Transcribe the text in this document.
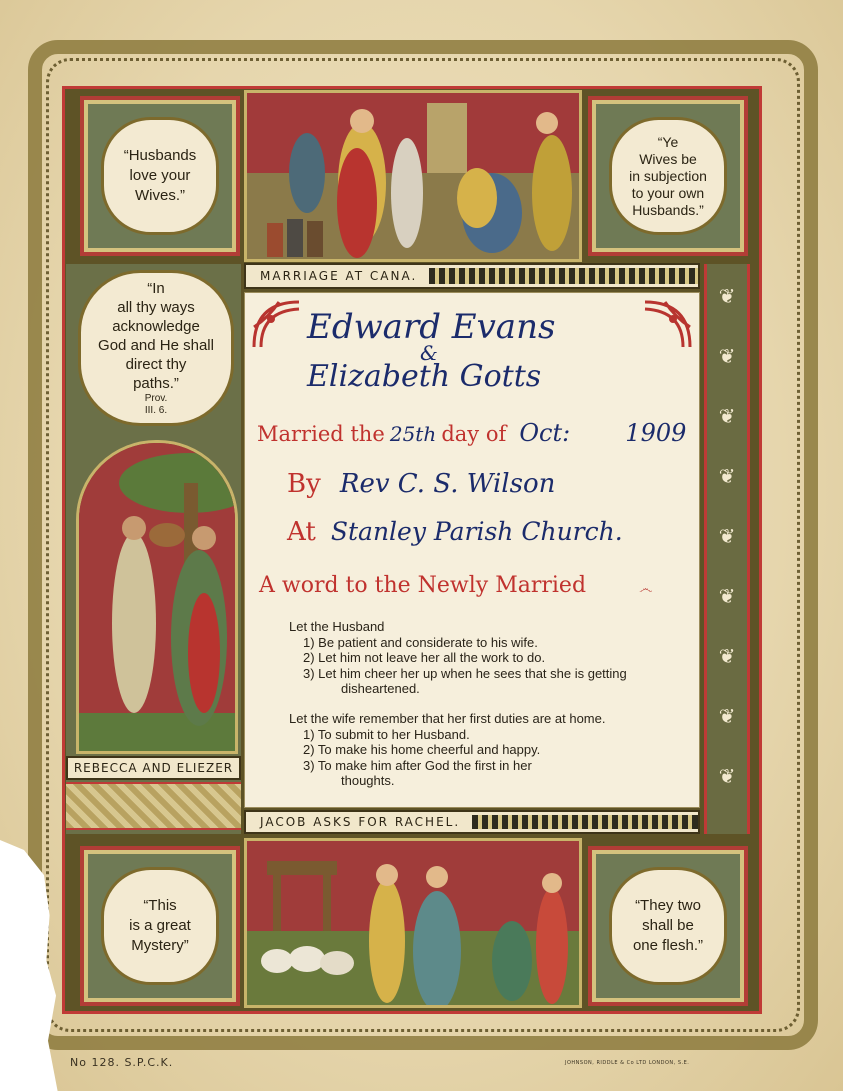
“Husbands
love your
Wives.”
“Ye
Wives be
in subjection
to your own
Husbands.”
MARRIAGE AT CANA.
“In
all thy ways
acknowledge
God and He shall
direct thy
paths.”
Prov.
III. 6.
REBECCA AND ELIEZER
❦
❦
❦
❦
❦
❦
❦
❦
❦
Edward Evans
&
Elizabeth Gotts
Married the 25th day of Oct: 1909
By Rev C. S. Wilson
At Stanley Parish Church.
A word to the Newly Married	෴
Let the Husband
1) Be patient and considerate to his wife.
2) Let him not leave her all the work to do.
3) Let him cheer her up when he sees that she is getting
disheartened.
Let the wife remember that her first duties are at home.
1) To submit to her Husband.
2) To make his home cheerful and happy.
3) To make him after God the first in her
thoughts.
JACOB ASKS FOR RACHEL.
“This
is a great
Mystery”
“They two
shall be
one flesh.”
No 128. S.P.C.K.	JOHNSON, RIDDLE & Co LTD LONDON, S.E.
